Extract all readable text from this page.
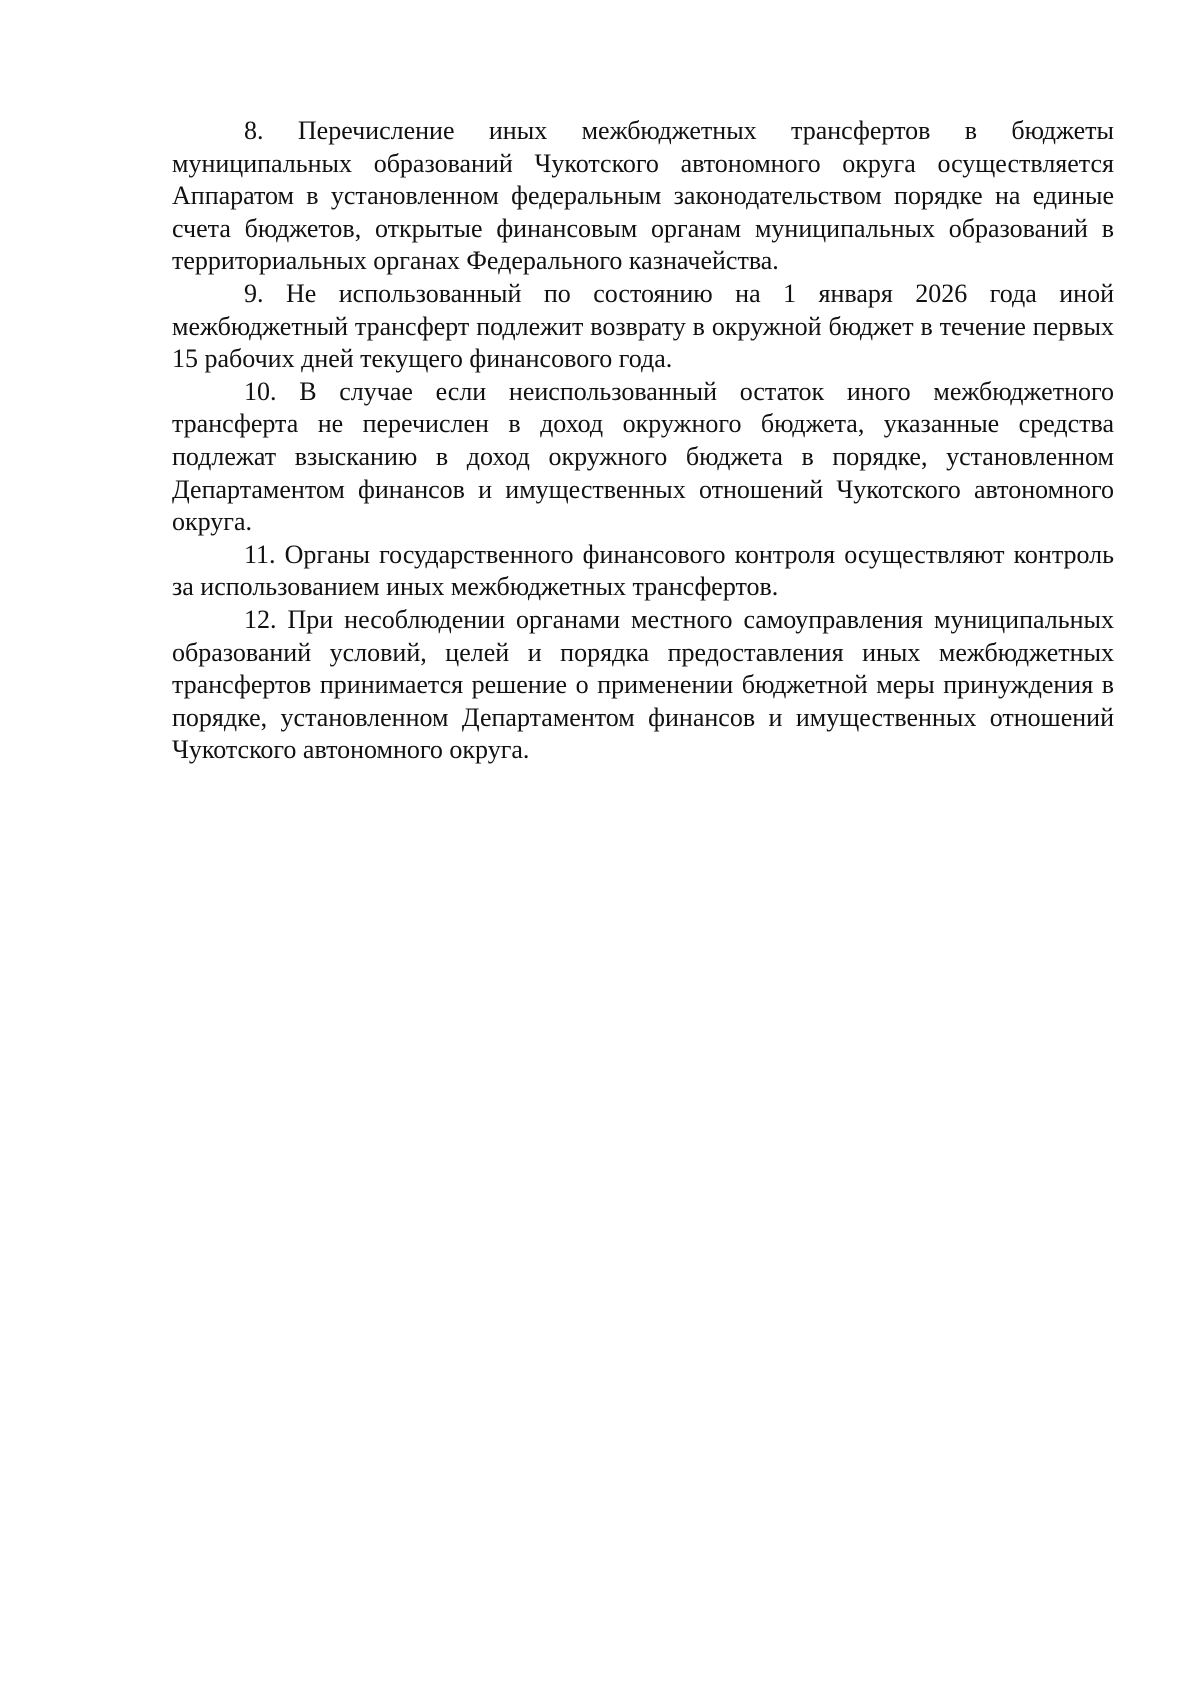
8. Перечисление иных межбюджетных трансфертов в бюджеты муниципальных образований Чукотского автономного округа осуществляется Аппаратом в установленном федеральным законодательством порядке на единые счета бюджетов, открытые финансовым органам муниципальных образований в территориальных органах Федерального казначейства.

9. Не использованный по состоянию на 1 января 2026 года иной межбюджетный трансферт подлежит возврату в окружной бюджет в течение первых 15 рабочих дней текущего финансового года.

10. В случае если неиспользованный остаток иного межбюджетного трансферта не перечислен в доход окружного бюджета, указанные средства подлежат взысканию в доход окружного бюджета в порядке, установленном Департаментом финансов и имущественных отношений Чукотского автономного округа.

11. Органы государственного финансового контроля осуществляют контроль за использованием иных межбюджетных трансфертов.

12. При несоблюдении органами местного самоуправления муниципальных образований условий, целей и порядка предоставления иных межбюджетных трансфертов принимается решение о применении бюджетной меры принуждения в порядке, установленном Департаментом финансов и имущественных отношений Чукотского автономного округа.
